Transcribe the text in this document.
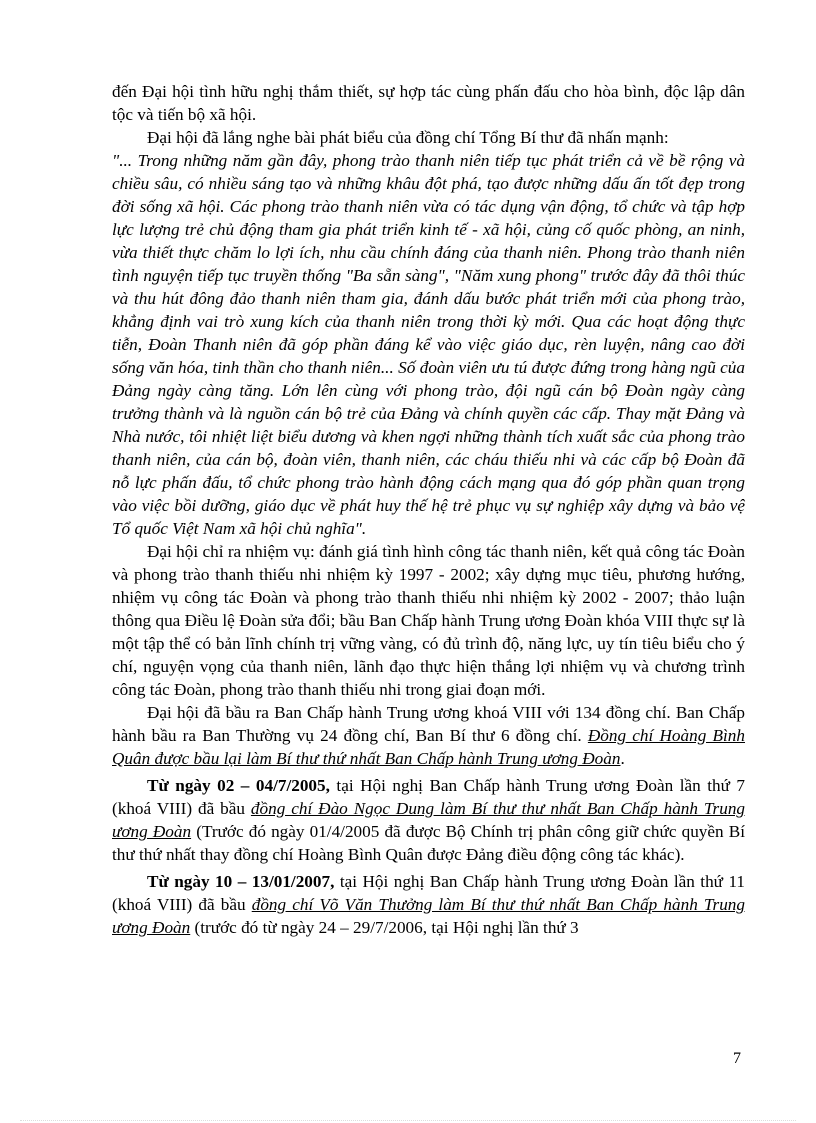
đến Đại hội tình hữu nghị thắm thiết, sự hợp tác cùng phấn đấu cho hòa bình, độc lập dân tộc và tiến bộ xã hội.

Đại hội đã lắng nghe bài phát biểu của đồng chí Tổng Bí thư đã nhấn mạnh:

"... Trong những năm gần đây, phong trào thanh niên tiếp tục phát triển cả về bề rộng và chiều sâu, có nhiều sáng tạo và những khâu đột phá, tạo được những dấu ấn tốt đẹp trong đời sống xã hội. Các phong trào thanh niên vừa có tác dụng vận động, tổ chức và tập hợp lực lượng trẻ chủ động tham gia phát triển kinh tế - xã hội, củng cố quốc phòng, an ninh, vừa thiết thực chăm lo lợi ích, nhu cầu chính đáng của thanh niên. Phong trào thanh niên tình nguyện tiếp tục truyền thống "Ba sẵn sàng", "Năm xung phong" trước đây đã thôi thúc và thu hút đông đảo thanh niên tham gia, đánh dấu bước phát triển mới của phong trào, khẳng định vai trò xung kích của thanh niên trong thời kỳ mới. Qua các hoạt động thực tiễn, Đoàn Thanh niên đã góp phần đáng kể vào việc giáo dục, rèn luyện, nâng cao đời sống văn hóa, tinh thần cho thanh niên... Số đoàn viên ưu tú được đứng trong hàng ngũ của Đảng ngày càng tăng. Lớn lên cùng với phong trào, đội ngũ cán bộ Đoàn ngày càng trưởng thành và là nguồn cán bộ trẻ của Đảng và chính quyền các cấp. Thay mặt Đảng và Nhà nước, tôi nhiệt liệt biểu dương và khen ngợi những thành tích xuất sắc của phong trào thanh niên, của cán bộ, đoàn viên, thanh niên, các cháu thiếu nhi và các cấp bộ Đoàn đã nỗ lực phấn đấu, tổ chức phong trào hành động cách mạng qua đó góp phần quan trọng vào việc bồi dưỡng, giáo dục về phát huy thế hệ trẻ phục vụ sự nghiệp xây dựng và bảo vệ Tổ quốc Việt Nam xã hội chủ nghĩa".

Đại hội chỉ ra nhiệm vụ: đánh giá tình hình công tác thanh niên, kết quả công tác Đoàn và phong trào thanh thiếu nhi nhiệm kỳ 1997 - 2002; xây dựng mục tiêu, phương hướng, nhiệm vụ công tác Đoàn và phong trào thanh thiếu nhi nhiệm kỳ 2002 - 2007; thảo luận thông qua Điều lệ Đoàn sửa đổi; bầu Ban Chấp hành Trung ương Đoàn khóa VIII thực sự là một tập thể có bản lĩnh chính trị vững vàng, có đủ trình độ, năng lực, uy tín tiêu biểu cho ý chí, nguyện vọng của thanh niên, lãnh đạo thực hiện thắng lợi nhiệm vụ và chương trình công tác Đoàn, phong trào thanh thiếu nhi trong giai đoạn mới.

Đại hội đã bầu ra Ban Chấp hành Trung ương khoá VIII với 134 đồng chí. Ban Chấp hành bầu ra Ban Thường vụ 24 đồng chí, Ban Bí thư 6 đồng chí. Đồng chí Hoàng Bình Quân được bầu lại làm Bí thư thứ nhất Ban Chấp hành Trung ương Đoàn.

Từ ngày 02 – 04/7/2005, tại Hội nghị Ban Chấp hành Trung ương Đoàn lần thứ 7 (khoá VIII) đã bầu đồng chí Đào Ngọc Dung làm Bí thư thư nhất Ban Chấp hành Trung ương Đoàn (Trước đó ngày 01/4/2005 đã được Bộ Chính trị phân công giữ chức quyền Bí thư thứ nhất thay đồng chí Hoàng Bình Quân được Đảng điều động công tác khác).

Từ ngày 10 – 13/01/2007, tại Hội nghị Ban Chấp hành Trung ương Đoàn lần thứ 11 (khoá VIII) đã bầu đồng chí Võ Văn Thưởng làm Bí thư thứ nhất Ban Chấp hành Trung ương Đoàn (trước đó từ ngày 24 – 29/7/2006, tại Hội nghị lần thứ 3

7
